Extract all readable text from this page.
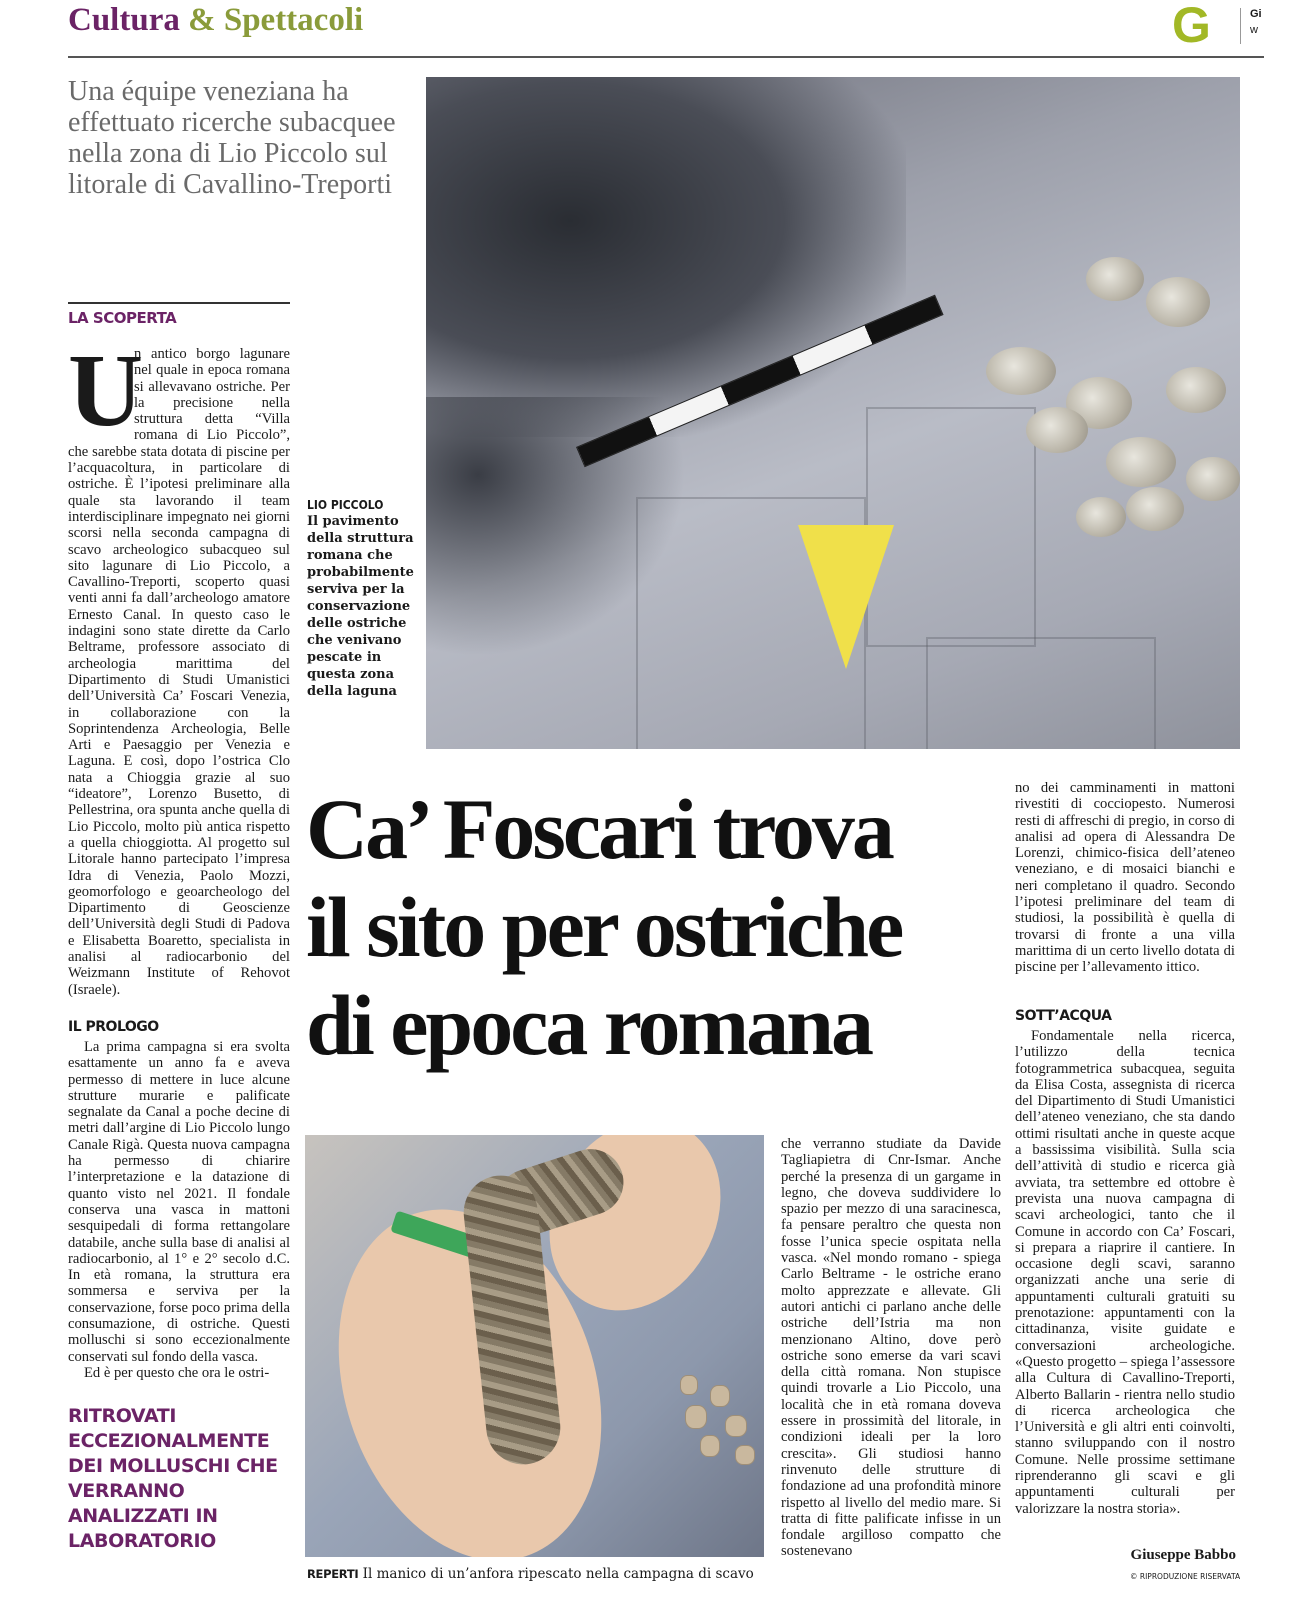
Cultura & Spettacoli	G	Gi
w
Una équipe veneziana ha effettuato ricerche subacquee nella zona di Lio Piccolo sul litorale di Cavallino-Treporti
LIO PICCOLO
Il pavimento della struttura romana che probabilmente serviva per la conservazione delle ostriche che venivano pescate in questa zona della laguna
LA SCOPERTA
U
n antico borgo lagunare nel quale in epoca romana si allevavano ostriche. Per la precisione nella struttura detta “Villa romana di Lio Piccolo”, che sarebbe stata dotata di piscine per l’acquacoltura, in particolare di ostriche. È l’ipotesi preliminare alla quale sta lavorando il team interdisciplinare impegnato nei giorni scorsi nella seconda campagna di scavo archeologico subacqueo sul sito lagunare di Lio Piccolo, a Cavallino-Treporti, scoperto quasi venti anni fa dall’archeologo amatore Ernesto Canal. In questo caso le indagini sono state dirette da Carlo Beltrame, professore associato di archeologia marittima del Dipartimento di Studi Umanistici dell’Università Ca’ Foscari Venezia, in collaborazione con la Soprintendenza Archeologia, Belle Arti e Paesaggio per Venezia e Laguna. E così, dopo l’ostrica Clo nata a Chioggia grazie al suo “ideatore”, Lorenzo Busetto, di Pellestrina, ora spunta anche quella di Lio Piccolo, molto più antica rispetto a quella chioggiotta. Al progetto sul Litorale hanno partecipato l’impresa Idra di Venezia, Paolo Mozzi, geomorfologo e geoarcheologo del Dipartimento di Geoscienze dell’Università degli Studi di Padova e Elisabetta Boaretto, specialista in analisi al radiocarbonio del Weizmann Institute of Rehovot (Israele).
IL PROLOGO
La prima campagna si era svolta esattamente un anno fa e aveva permesso di mettere in luce alcune strutture murarie e palificate segnalate da Canal a poche decine di metri dall’argine di Lio Piccolo lungo Canale Rigà. Questa nuova campagna ha permesso di chiarire l’interpretazione e la datazione di quanto visto nel 2021. Il fondale conserva una vasca in mattoni sesquipedali di forma rettangolare databile, anche sulla base di analisi al radiocarbonio, al 1° e 2° secolo d.C. In età romana, la struttura era sommersa e serviva per la conservazione, forse poco prima della consumazione, di ostriche. Questi molluschi si sono eccezionalmente conservati sul fondo della vasca.
Ed è per questo che ora le ostri-
RITROVATI ECCEZIONALMENTE DEI MOLLUSCHI CHE VERRANNO ANALIZZATI IN LABORATORIO
Ca’ Foscari trova
il sito per ostriche
di epoca romana
REPERTI Il manico di un’anfora ripescato nella campagna di scavo
che verranno studiate da Davide Tagliapietra di Cnr-Ismar. Anche perché la presenza di un gargame in legno, che doveva suddividere lo spazio per mezzo di una saracinesca, fa pensare peraltro che questa non fosse l’unica specie ospitata nella vasca. «Nel mondo romano - spiega Carlo Beltrame - le ostriche erano molto apprezzate e allevate. Gli autori antichi ci parlano anche delle ostriche dell’Istria ma non menzionano Altino, dove però ostriche sono emerse da vari scavi della città romana. Non stupisce quindi trovarle a Lio Piccolo, una località che in età romana doveva essere in prossimità del litorale, in condizioni ideali per la loro crescita». Gli studiosi hanno rinvenuto delle strutture di fondazione ad una profondità minore rispetto al livello del medio mare. Si tratta di fitte palificate infisse in un fondale argilloso compatto che sostenevano
no dei camminamenti in mattoni rivestiti di cocciopesto. Numerosi resti di affreschi di pregio, in corso di analisi ad opera di Alessandra De Lorenzi, chimico-fisica dell’ateneo veneziano, e di mosaici bianchi e neri completano il quadro. Secondo l’ipotesi preliminare del team di studiosi, la possibilità è quella di trovarsi di fronte a una villa marittima di un certo livello dotata di piscine per l’allevamento ittico.
SOTT’ACQUA
Fondamentale nella ricerca, l’utilizzo della tecnica fotogrammetrica subacquea, seguita da Elisa Costa, assegnista di ricerca del Dipartimento di Studi Umanistici dell’ateneo veneziano, che sta dando ottimi risultati anche in queste acque a bassissima visibilità. Sulla scia dell’attività di studio e ricerca già avviata, tra settembre ed ottobre è prevista una nuova campagna di scavi archeologici, tanto che il Comune in accordo con Ca’ Foscari, si prepara a riaprire il cantiere. In occasione degli scavi, saranno organizzati anche una serie di appuntamenti culturali gratuiti su prenotazione: appuntamenti con la cittadinanza, visite guidate e conversazioni archeologiche. «Questo progetto – spiega l’assessore alla Cultura di Cavallino-Treporti, Alberto Ballarin - rientra nello studio di ricerca archeologica che l’Università e gli altri enti coinvolti, stanno sviluppando con il nostro Comune. Nelle prossime settimane riprenderanno gli scavi e gli appuntamenti culturali per valorizzare la nostra storia».
Giuseppe Babbo
© RIPRODUZIONE RISERVATA
